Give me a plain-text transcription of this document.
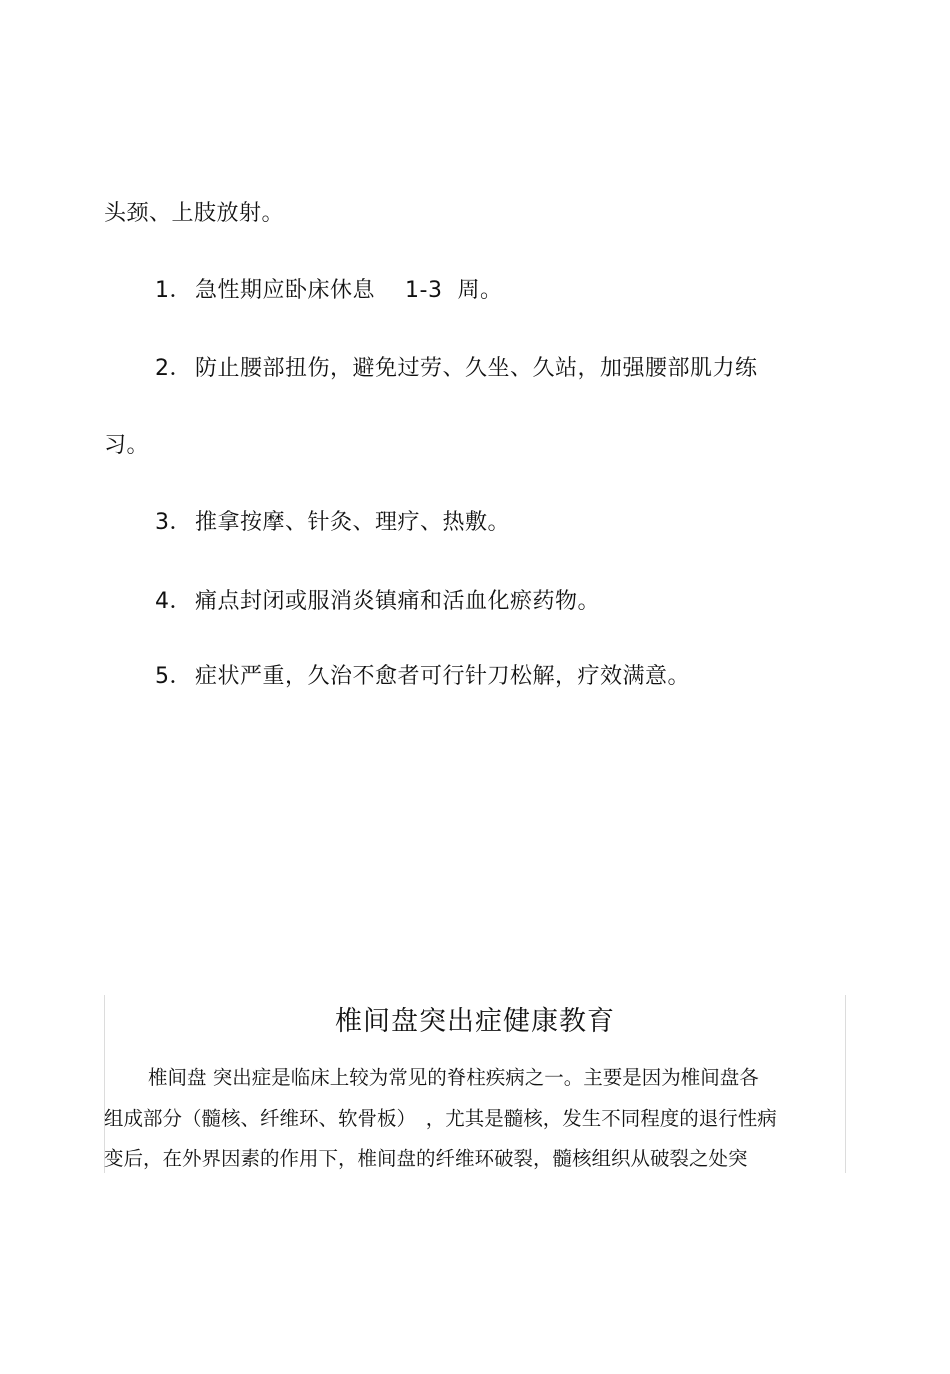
头颈、上肢放射。
1． 急性期应卧床休息 1-3 周。
2． 防止腰部扭伤，避免过劳、久坐、久站，加强腰部肌力练
习。
3． 推拿按摩、针灸、理疗、热敷。
4． 痛点封闭或服消炎镇痛和活血化瘀药物。
5． 症状严重，久治不愈者可行针刀松解，疗效满意。
椎间盘突出症健康教育
椎间盘 突出症是临床上较为常见的脊柱疾病之一。主要是因为椎间盘各
组成部分（髓核、纤维环、软骨板）　，尤其是髓核，发生不同程度的退行性病
变后，在外界因素的作用下，椎间盘的纤维环破裂，髓核组织从破裂之处突
